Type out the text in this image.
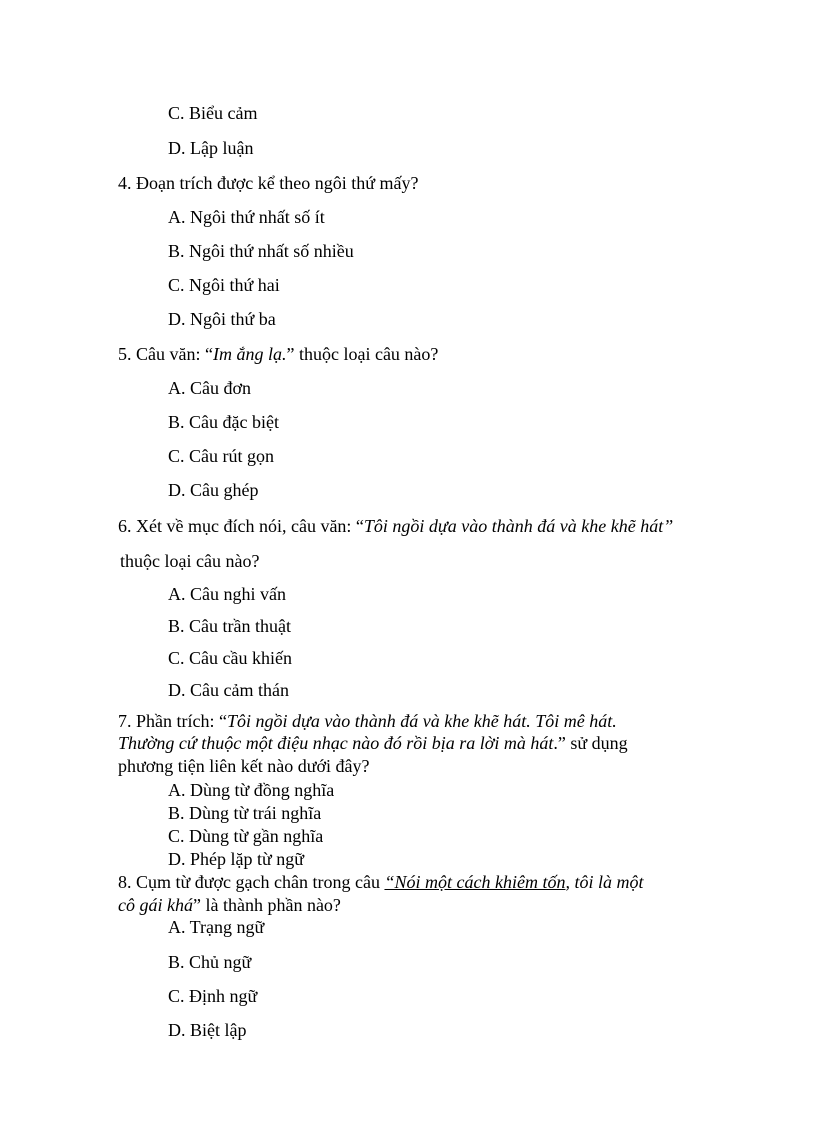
C. Biểu cảm
D. Lập luận
4. Đoạn trích được kể theo ngôi thứ mấy?
A. Ngôi thứ nhất số ít
B. Ngôi thứ nhất số nhiều
C. Ngôi thứ hai
D. Ngôi thứ ba
5. Câu văn: “Im ắng lạ.” thuộc loại câu nào?
A. Câu đơn
B. Câu đặc biệt
C. Câu rút gọn
D. Câu ghép
6. Xét về mục đích nói, câu văn: “Tôi ngồi dựa vào thành đá và khe khẽ hát”
thuộc loại câu nào?
A. Câu nghi vấn
B. Câu trần thuật
C. Câu cầu khiến
D. Câu cảm thán
7. Phần trích: “Tôi ngồi dựa vào thành đá và khe khẽ hát. Tôi mê hát.
Thường cứ thuộc một điệu nhạc nào đó rồi bịa ra lời mà hát.” sử dụng
phương tiện liên kết nào dưới đây?
A. Dùng từ đồng nghĩa
B. Dùng từ trái nghĩa
C. Dùng từ gần nghĩa
D. Phép lặp từ ngữ
8. Cụm từ được gạch chân trong câu “Nói một cách khiêm tốn, tôi là một
cô gái khá” là thành phần nào?
A. Trạng ngữ
B. Chủ ngữ
C. Định ngữ
D. Biệt lập
